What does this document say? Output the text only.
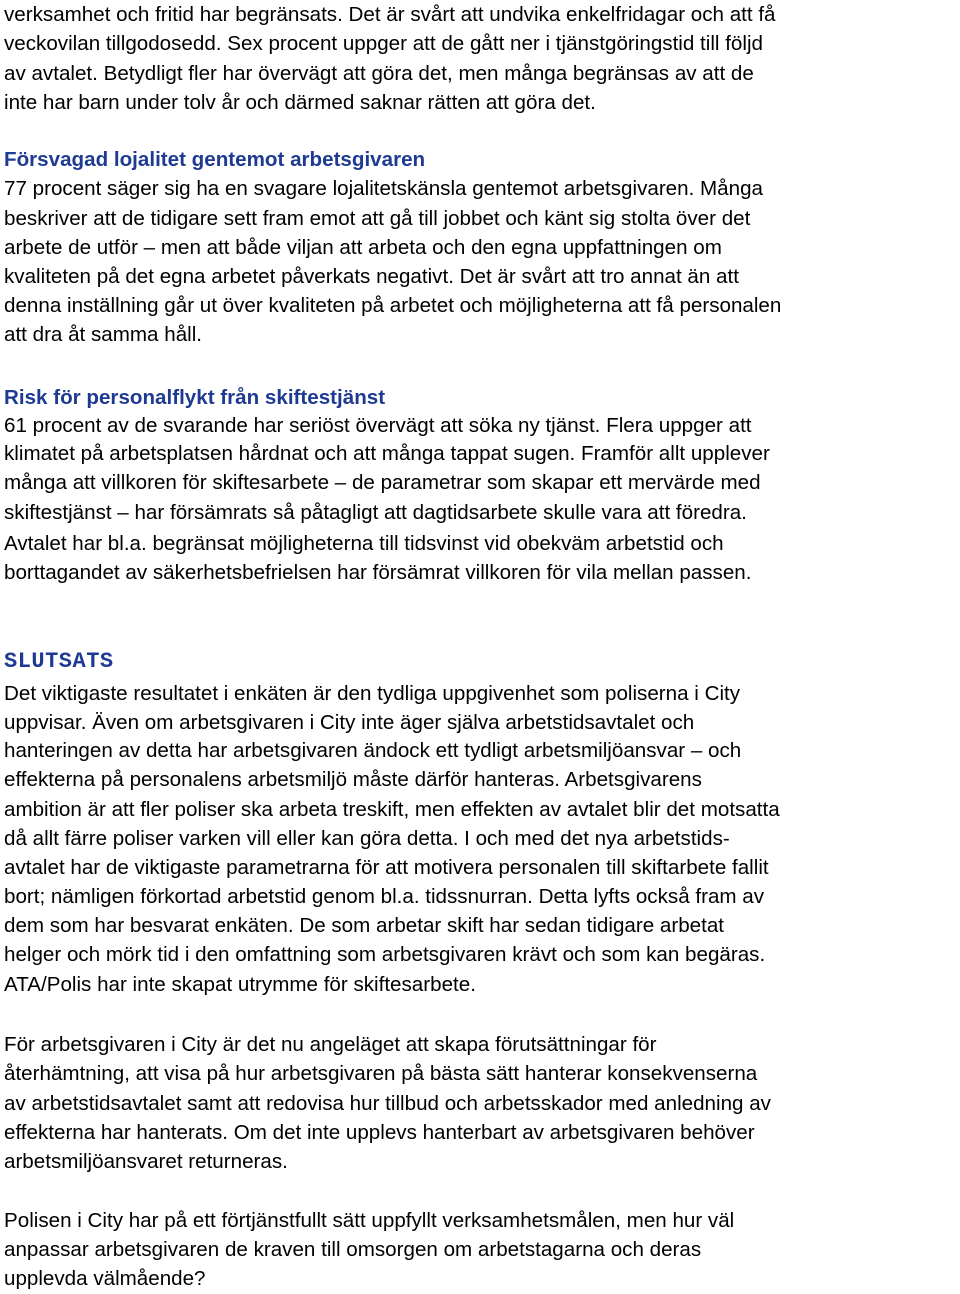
verksamhet och fritid har begränsats. Det är svårt att undvika enkelfridagar och att få
veckovilan tillgodosedd. Sex procent uppger att de gått ner i tjänstgöringstid till följd
av avtalet. Betydligt fler har övervägt att göra det, men många begränsas av att de
inte har barn under tolv år och därmed saknar rätten att göra det.
Försvagad lojalitet gentemot arbetsgivaren
77 procent säger sig ha en svagare lojalitetskänsla gentemot arbetsgivaren. Många
beskriver att de tidigare sett fram emot att gå till jobbet och känt sig stolta över det
arbete de utför – men att både viljan att arbeta och den egna uppfattningen om
kvaliteten på det egna arbetet påverkats negativt. Det är svårt att tro annat än att
denna inställning går ut över kvaliteten på arbetet och möjligheterna att få personalen
att dra åt samma håll.
Risk för personalflykt från skiftestjänst
61 procent av de svarande har seriöst övervägt att söka ny tjänst. Flera uppger att
klimatet på arbetsplatsen hårdnat och att många tappat sugen. Framför allt upplever
många att villkoren för skiftesarbete – de parametrar som skapar ett mervärde med
skiftestjänst – har försämrats så påtagligt att dagtidsarbete skulle vara att föredra.
Avtalet har bl.a. begränsat möjligheterna till tidsvinst vid obekväm arbetstid och
borttagandet av säkerhetsbefrielsen har försämrat villkoren för vila mellan passen.
SLUTSATS
Det viktigaste resultatet i enkäten är den tydliga uppgivenhet som poliserna i City
uppvisar. Även om arbetsgivaren i City inte äger själva arbetstidsavtalet och
hanteringen av detta har arbetsgivaren ändock ett tydligt arbetsmiljöansvar – och
effekterna på personalens arbetsmiljö måste därför hanteras. Arbetsgivarens
ambition är att fler poliser ska arbeta treskift, men effekten av avtalet blir det motsatta
då allt färre poliser varken vill eller kan göra detta. I och med det nya arbetstids-
avtalet har de viktigaste parametrarna för att motivera personalen till skiftarbete fallit
bort; nämligen förkortad arbetstid genom bl.a. tidssnurran. Detta lyfts också fram av
dem som har besvarat enkäten. De som arbetar skift har sedan tidigare arbetat
helger och mörk tid i den omfattning som arbetsgivaren krävt och som kan begäras.
ATA/Polis har inte skapat utrymme för skiftesarbete.
För arbetsgivaren i City är det nu angeläget att skapa förutsättningar för
återhämtning, att visa på hur arbetsgivaren på bästa sätt hanterar konsekvenserna
av arbetstidsavtalet samt att redovisa hur tillbud och arbetsskador med anledning av
effekterna har hanterats. Om det inte upplevs hanterbart av arbetsgivaren behöver
arbetsmiljöansvaret returneras.
Polisen i City har på ett förtjänstfullt sätt uppfyllt verksamhetsmålen, men hur väl
anpassar arbetsgivaren de kraven till omsorgen om arbetstagarna och deras
upplevda välmående?
